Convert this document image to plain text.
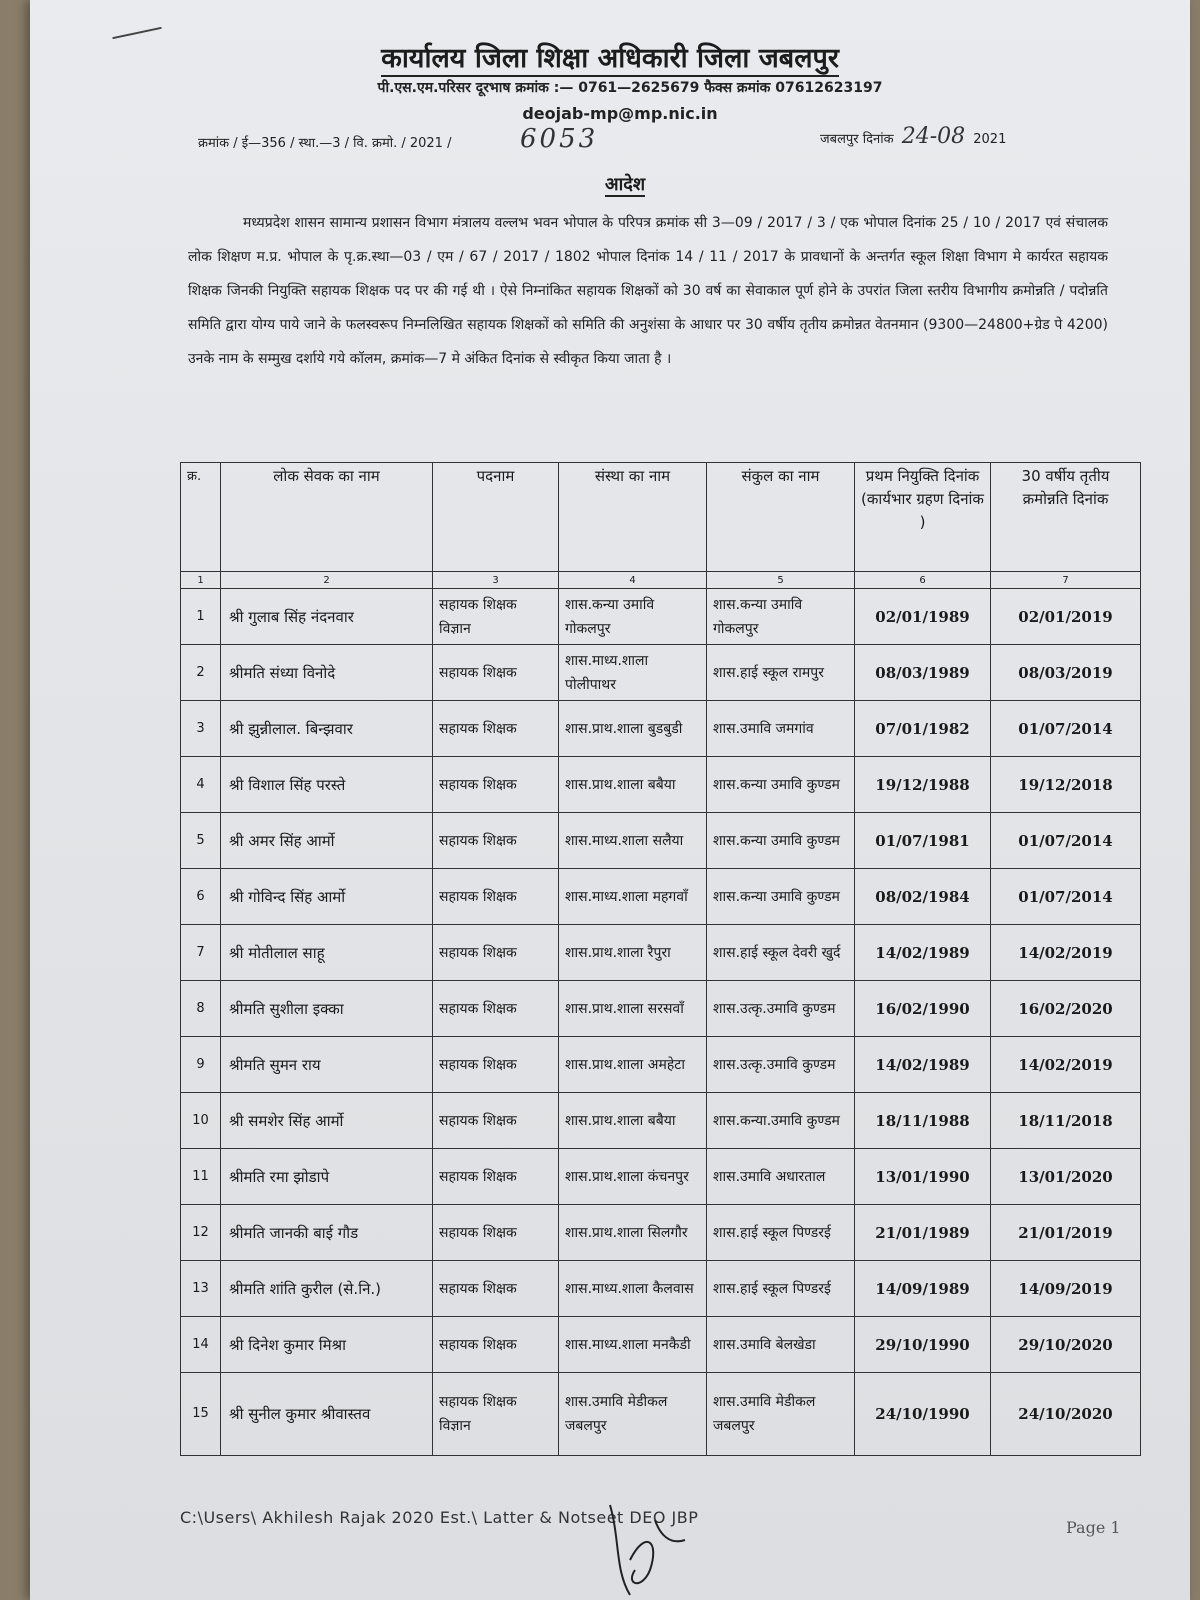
कार्यालय जिला शिक्षा अधिकारी जिला जबलपुर
पी.एस.एम.परिसर दूरभाष क्रमांक :— 0761—2625679 फैक्स क्रमांक 07612623197
deojab-mp@mp.nic.in
क्रमांक / ई—356 / स्था.—3 / वि. क्रमो. / 2021 /	6053	जबलपुर दिनांक 24-08 2021
आदेश
मध्यप्रदेश शासन सामान्य प्रशासन विभाग मंत्रालय वल्लभ भवन भोपाल के परिपत्र क्रमांक सी 3—09 / 2017 / 3 / एक भोपाल दिनांक 25 / 10 / 2017 एवं संचालक लोक शिक्षण म.प्र. भोपाल के पृ.क्र.स्था—03 / एम / 67 / 2017 / 1802 भोपाल दिनांक 14 / 11 / 2017 के प्रावधानों के अन्तर्गत स्कूल शिक्षा विभाग मे कार्यरत सहायक शिक्षक जिनकी नियुक्ति सहायक शिक्षक पद पर की गई थी । ऐसे निम्नांकित सहायक शिक्षकों को 30 वर्ष का सेवाकाल पूर्ण होने के उपरांत जिला स्तरीय विभागीय क्रमोन्नति / पदोन्नति समिति द्वारा योग्य पाये जाने के फलस्वरूप निम्नलिखित सहायक शिक्षकों को समिति की अनुशंसा के आधार पर 30 वर्षीय तृतीय क्रमोन्नत वेतनमान (9300—24800+ग्रेड पे 4200) उनके नाम के सम्मुख दर्शाये गये कॉलम, क्रमांक—7 मे अंकित दिनांक से स्वीकृत किया जाता है ।
क्र.	लोक सेवक का नाम	पदनाम	संस्था का नाम	संकुल का नाम	प्रथम नियुक्ति दिनांक (कार्यभार ग्रहण दिनांक )	30 वर्षीय तृतीय क्रमोन्नति दिनांक
1	2	3	4	5	6	7
1	श्री गुलाब सिंह नंदनवार	सहायक शिक्षक विज्ञान	शास.कन्या उमावि गोकलपुर	शास.कन्या उमावि गोकलपुर	02/01/1989	02/01/2019
2	श्रीमति संध्या विनोदे	सहायक शिक्षक	शास.माध्य.शाला पोलीपाथर	शास.हाई स्कूल रामपुर	08/03/1989	08/03/2019
3	श्री झुन्नीलाल. बिन्झवार	सहायक शिक्षक	शास.प्राथ.शाला बुडबुडी	शास.उमावि जमगांव	07/01/1982	01/07/2014
4	श्री विशाल सिंह परस्ते	सहायक शिक्षक	शास.प्राथ.शाला बबैया	शास.कन्या उमावि कुण्डम	19/12/1988	19/12/2018
5	श्री अमर सिंह आर्मो	सहायक शिक्षक	शास.माध्य.शाला सलैया	शास.कन्या उमावि कुण्डम	01/07/1981	01/07/2014
6	श्री गोविन्द सिंह आर्मो	सहायक शिक्षक	शास.माध्य.शाला महगवाँ	शास.कन्या उमावि कुण्डम	08/02/1984	01/07/2014
7	श्री मोतीलाल साहू	सहायक शिक्षक	शास.प्राथ.शाला रैपुरा	शास.हाई स्कूल देवरी खुर्द	14/02/1989	14/02/2019
8	श्रीमति सुशीला इक्का	सहायक शिक्षक	शास.प्राथ.शाला सरसवाँ	शास.उत्कृ.उमावि कुण्डम	16/02/1990	16/02/2020
9	श्रीमति सुमन राय	सहायक शिक्षक	शास.प्राथ.शाला अमहेटा	शास.उत्कृ.उमावि कुण्डम	14/02/1989	14/02/2019
10	श्री समशेर सिंह आर्मो	सहायक शिक्षक	शास.प्राथ.शाला बबैया	शास.कन्या.उमावि कुण्डम	18/11/1988	18/11/2018
11	श्रीमति रमा झोडापे	सहायक शिक्षक	शास.प्राथ.शाला कंचनपुर	शास.उमावि अधारताल	13/01/1990	13/01/2020
12	श्रीमति जानकी बाई गौड	सहायक शिक्षक	शास.प्राथ.शाला सिलगौर	शास.हाई स्कूल पिण्डरई	21/01/1989	21/01/2019
13	श्रीमति शांति कुरील (से.नि.)	सहायक शिक्षक	शास.माध्य.शाला कैलवास	शास.हाई स्कूल पिण्डरई	14/09/1989	14/09/2019
14	श्री दिनेश कुमार मिश्रा	सहायक शिक्षक	शास.माध्य.शाला मनकैडी	शास.उमावि बेलखेडा	29/10/1990	29/10/2020
15	श्री सुनील कुमार श्रीवास्तव	सहायक शिक्षक विज्ञान	शास.उमावि मेडीकल जबलपुर	शास.उमावि मेडीकल जबलपुर	24/10/1990	24/10/2020
C:\Users\ Akhilesh Rajak 2020 Est.\ Latter & Notseet DEO JBP
Page 1
